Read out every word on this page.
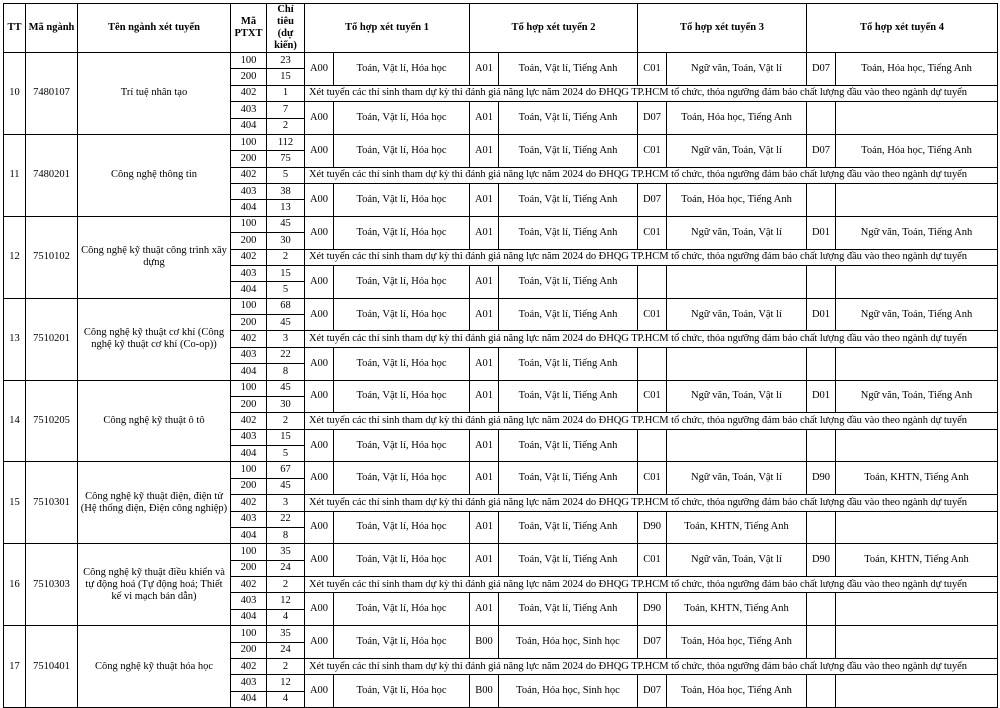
TT	Mã ngành	Tên ngành xét tuyển	Mã PTXT	Chỉ tiêu (dự kiến)	Tổ hợp xét tuyển 1		Tổ hợp xét tuyển 2		Tổ hợp xét tuyển 3		Tổ hợp xét tuyển 4	
10	7480107	Trí tuệ nhân tạo	100	23	A00	Toán, Vật lí, Hóa học	A01	Toán, Vật lí, Tiếng Anh	C01	Ngữ văn, Toán, Vật lí	D07	Toán, Hóa học, Tiếng Anh
			200	15								
			402	1	Xét tuyển các thí sinh tham dự kỳ thi đánh giá năng lực năm 2024 do ĐHQG TP.HCM tổ chức, thỏa ngưỡng đảm bảo chất lượng đầu vào theo ngành dự tuyển							
			403	7	A00	Toán, Vật lí, Hóa học	A01	Toán, Vật lí, Tiếng Anh	D07	Toán, Hóa học, Tiếng Anh		
			404	2								
11	7480201	Công nghệ thông tin	100	112	A00	Toán, Vật lí, Hóa học	A01	Toán, Vật lí, Tiếng Anh	C01	Ngữ văn, Toán, Vật lí	D07	Toán, Hóa học, Tiếng Anh
			200	75								
			402	5	Xét tuyển các thí sinh tham dự kỳ thi đánh giá năng lực năm 2024 do ĐHQG TP.HCM tổ chức, thỏa ngưỡng đảm bảo chất lượng đầu vào theo ngành dự tuyển							
			403	38	A00	Toán, Vật lí, Hóa học	A01	Toán, Vật lí, Tiếng Anh	D07	Toán, Hóa học, Tiếng Anh		
			404	13								
12	7510102	Công nghệ kỹ thuật công trình xây dựng	100	45	A00	Toán, Vật lí, Hóa học	A01	Toán, Vật lí, Tiếng Anh	C01	Ngữ văn, Toán, Vật lí	D01	Ngữ văn, Toán, Tiếng Anh
			200	30								
			402	2	Xét tuyển các thí sinh tham dự kỳ thi đánh giá năng lực năm 2024 do ĐHQG TP.HCM tổ chức, thỏa ngưỡng đảm bảo chất lượng đầu vào theo ngành dự tuyển							
			403	15	A00	Toán, Vật lí, Hóa học	A01	Toán, Vật lí, Tiếng Anh				
			404	5								
13	7510201	Công nghệ kỹ thuật cơ khí (Công nghệ kỹ thuật cơ khí (Co-op))	100	68	A00	Toán, Vật lí, Hóa học	A01	Toán, Vật lí, Tiếng Anh	C01	Ngữ văn, Toán, Vật lí	D01	Ngữ văn, Toán, Tiếng Anh
			200	45								
			402	3	Xét tuyển các thí sinh tham dự kỳ thi đánh giá năng lực năm 2024 do ĐHQG TP.HCM tổ chức, thỏa ngưỡng đảm bảo chất lượng đầu vào theo ngành dự tuyển							
			403	22	A00	Toán, Vật lí, Hóa học	A01	Toán, Vật lí, Tiếng Anh				
			404	8								
14	7510205	Công nghệ kỹ thuật ô tô	100	45	A00	Toán, Vật lí, Hóa học	A01	Toán, Vật lí, Tiếng Anh	C01	Ngữ văn, Toán, Vật lí	D01	Ngữ văn, Toán, Tiếng Anh
			200	30								
			402	2	Xét tuyển các thí sinh tham dự kỳ thi đánh giá năng lực năm 2024 do ĐHQG TP.HCM tổ chức, thỏa ngưỡng đảm bảo chất lượng đầu vào theo ngành dự tuyển							
			403	15	A00	Toán, Vật lí, Hóa học	A01	Toán, Vật lí, Tiếng Anh				
			404	5								
15	7510301	Công nghệ kỹ thuật điện, điện tử (Hệ thống điện, Điện công nghiệp)	100	67	A00	Toán, Vật lí, Hóa học	A01	Toán, Vật lí, Tiếng Anh	C01	Ngữ văn, Toán, Vật lí	D90	Toán, KHTN, Tiếng Anh
			200	45								
			402	3	Xét tuyển các thí sinh tham dự kỳ thi đánh giá năng lực năm 2024 do ĐHQG TP.HCM tổ chức, thỏa ngưỡng đảm bảo chất lượng đầu vào theo ngành dự tuyển							
			403	22	A00	Toán, Vật lí, Hóa học	A01	Toán, Vật lí, Tiếng Anh	D90	Toán, KHTN, Tiếng Anh		
			404	8								
16	7510303	Công nghệ kỹ thuật điều khiển và tự động hoá (Tự động hoá; Thiết kế vi mạch bán dẫn)	100	35	A00	Toán, Vật lí, Hóa học	A01	Toán, Vật lí, Tiếng Anh	C01	Ngữ văn, Toán, Vật lí	D90	Toán, KHTN, Tiếng Anh
			200	24								
			402	2	Xét tuyển các thí sinh tham dự kỳ thi đánh giá năng lực năm 2024 do ĐHQG TP.HCM tổ chức, thỏa ngưỡng đảm bảo chất lượng đầu vào theo ngành dự tuyển							
			403	12	A00	Toán, Vật lí, Hóa học	A01	Toán, Vật lí, Tiếng Anh	D90	Toán, KHTN, Tiếng Anh		
			404	4								
17	7510401	Công nghệ kỹ thuật hóa học	100	35	A00	Toán, Vật lí, Hóa học	B00	Toán, Hóa học, Sinh học	D07	Toán, Hóa học, Tiếng Anh		
			200	24								
			402	2	Xét tuyển các thí sinh tham dự kỳ thi đánh giá năng lực năm 2024 do ĐHQG TP.HCM tổ chức, thỏa ngưỡng đảm bảo chất lượng đầu vào theo ngành dự tuyển							
			403	12	A00	Toán, Vật lí, Hóa học	B00	Toán, Hóa học, Sinh học	D07	Toán, Hóa học, Tiếng Anh		
			404	4								
